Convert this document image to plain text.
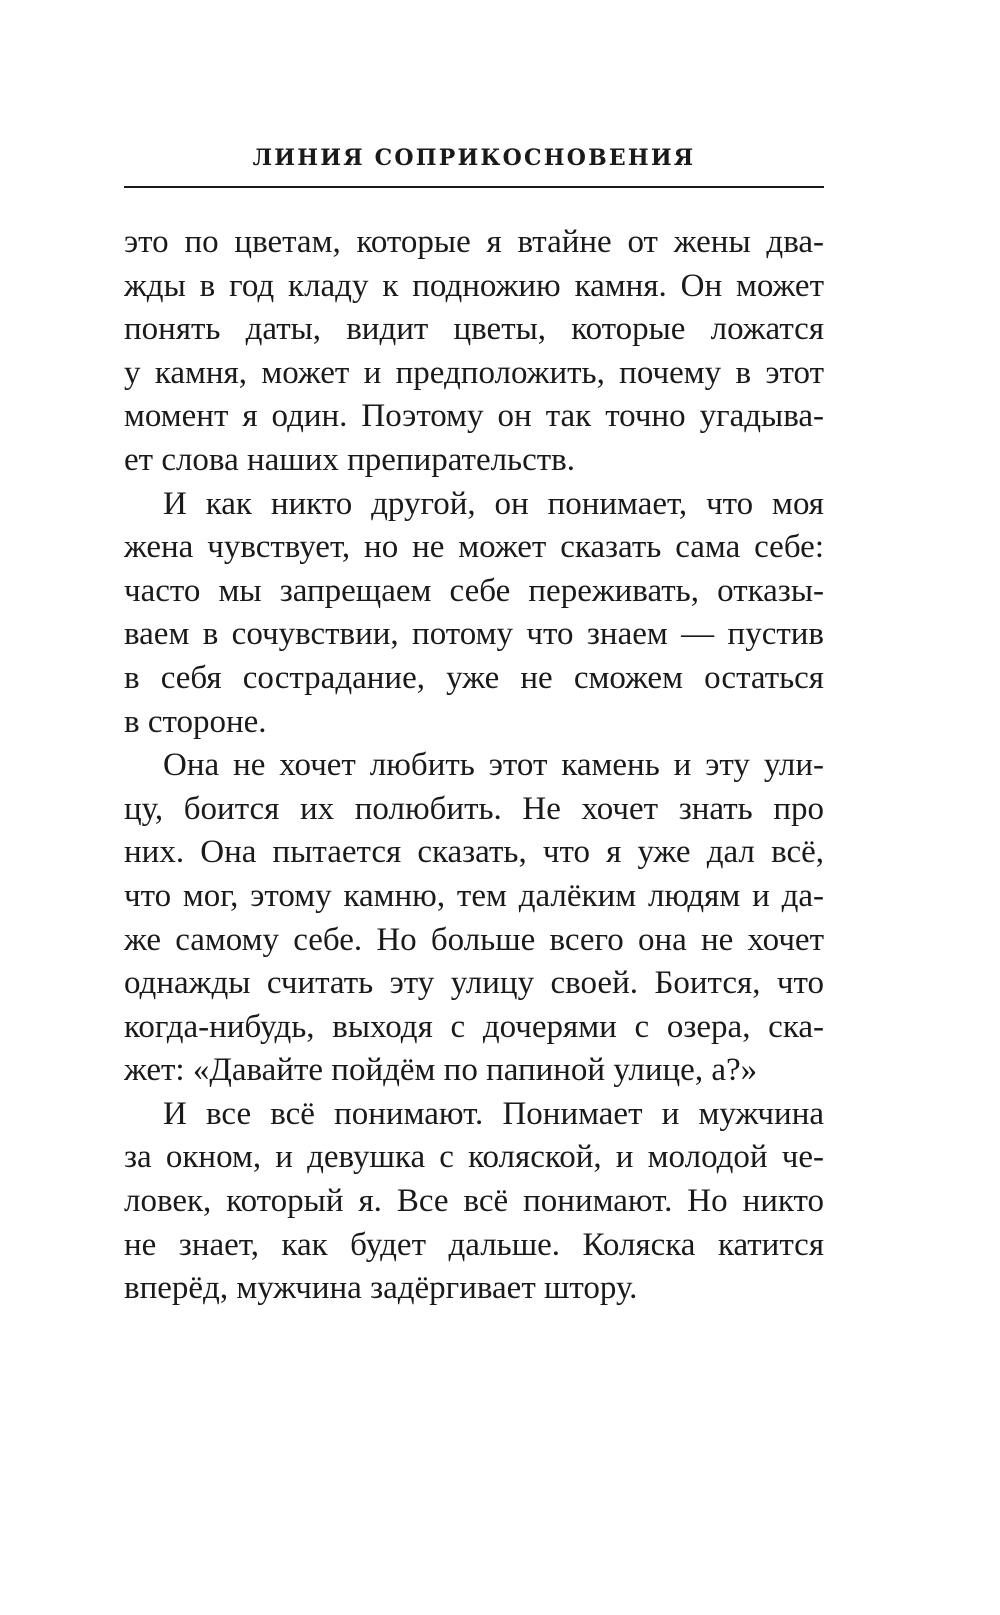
ЛИНИЯ СОПРИКОСНОВЕНИЯ
это по цветам, которые я втайне от жены два-
жды в год кладу к подножию камня. Он может
понять даты, видит цветы, которые ложатся
у камня, может и предположить, почему в этот
момент я один. Поэтому он так точно угадыва-
ет слова наших препирательств.
И как никто другой, он понимает, что моя
жена чувствует, но не может сказать сама себе:
часто мы запрещаем себе переживать, отказы-
ваем в сочувствии, потому что знаем — пустив
в себя сострадание, уже не сможем остаться
в стороне.
Она не хочет любить этот камень и эту ули-
цу, боится их полюбить. Не хочет знать про
них. Она пытается сказать, что я уже дал всё,
что мог, этому камню, тем далёким людям и да-
же самому себе. Но больше всего она не хочет
однажды считать эту улицу своей. Боится, что
когда-нибудь, выходя с дочерями с озера, ска-
жет: «Давайте пойдём по папиной улице, а?»
И все всё понимают. Понимает и мужчина
за окном, и девушка с коляской, и молодой че-
ловек, который я. Все всё понимают. Но никто
не знает, как будет дальше. Коляска катится
вперёд, мужчина задёргивает штору.
